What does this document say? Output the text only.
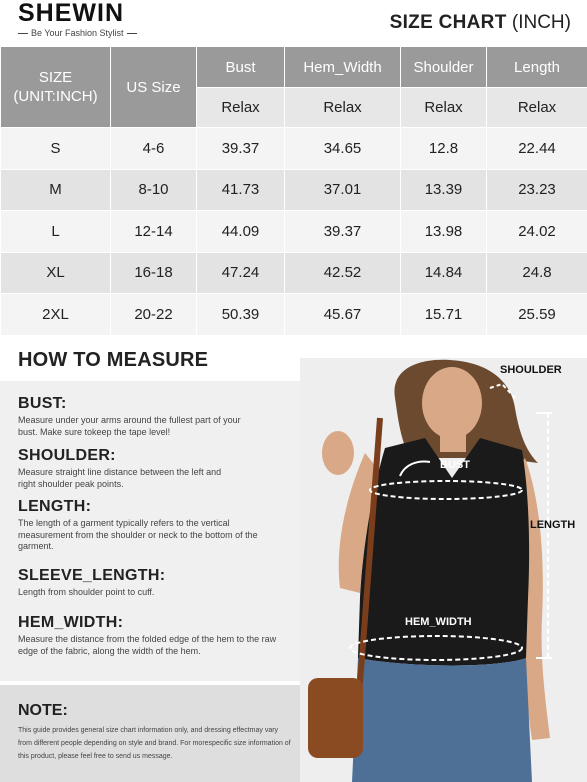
SHEWIN
Be Your Fashion Stylist	SIZE CHART (INCH)
SIZE
(UNIT:INCH)	US Size	Bust	Hem_Width	Shoulder	Length
		Relax	Relax	Relax	Relax
S	4-6	39.37	34.65	12.8	22.44
M	8-10	41.73	37.01	13.39	23.23
L	12-14	44.09	39.37	13.98	24.02
XL	16-18	47.24	42.52	14.84	24.8
2XL	20-22	50.39	45.67	15.71	25.59
HOW TO MEASURE
BUST:
Measure under your arms around the fullest part of your bust. Make sure tokeep the tape level!
SHOULDER:
Measure straight line distance between the left and right shoulder peak points.
LENGTH:
The length of a garment typically refers to the vertical measurement from the shoulder or neck to the bottom of the garment.
SLEEVE_LENGTH:
Length from shoulder point to cuff.
HEM_WIDTH:
Measure the distance from the folded edge of the hem to the raw edge of the fabric, along the width of the hem.
NOTE:
This guide provides general size chart information only, and dressing effectmay vary from different people depending on style and brand. For morespecific size information of this product, please feel free to send us message.
SHOULDER
BUST
LENGTH
HEM_WIDTH
